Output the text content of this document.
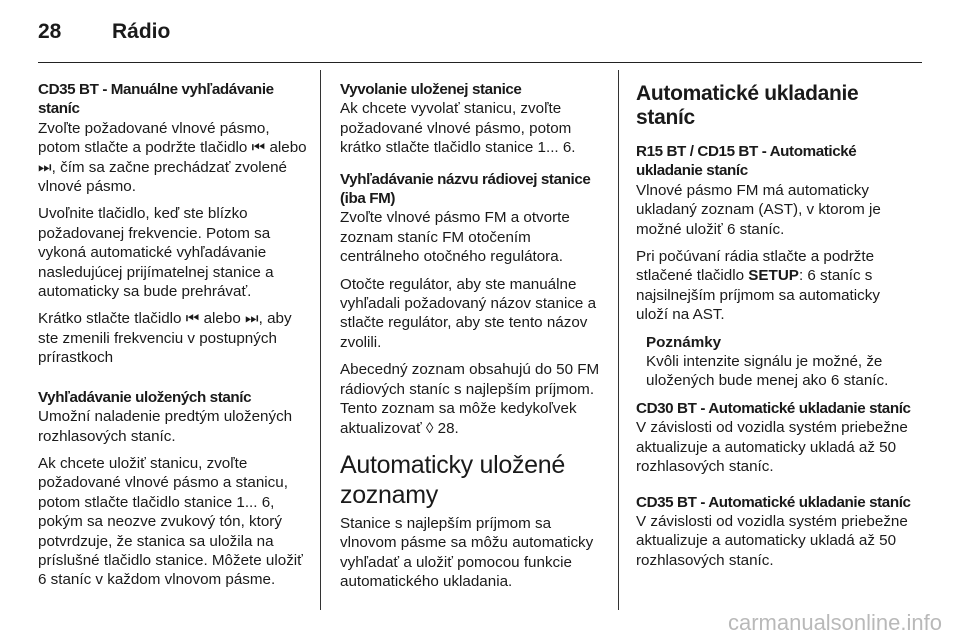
28	Rádio
CD35 BT - Manuálne vyhľadávanie staníc
Zvoľte požadované vlnové pásmo, potom stlačte a podržte tlačidlo ⏮ alebo ⏭, čím sa začne prechádzať zvolené vlnové pásmo.
Uvoľnite tlačidlo, keď ste blízko požadovanej frekvencie. Potom sa vykoná automatické vyhľadávanie nasledujúcej prijímatelnej stanice a automaticky sa bude prehrávať.
Krátko stlačte tlačidlo ⏮ alebo ⏭, aby ste zmenili frekvenciu v postupných prírastkoch
Vyhľadávanie uložených staníc
Umožní naladenie predtým uložených rozhlasových staníc.
Ak chcete uložiť stanicu, zvoľte požadované vlnové pásmo a stanicu, potom stlačte tlačidlo stanice 1... 6, pokým sa neozve zvukový tón, ktorý potvrdzuje, že stanica sa uložila na príslušné tlačidlo stanice. Môžete uložiť 6 staníc v každom vlnovom pásme.
Vyvolanie uloženej stanice
Ak chcete vyvolať stanicu, zvoľte požadované vlnové pásmo, potom krátko stlačte tlačidlo stanice 1... 6.
Vyhľadávanie názvu rádiovej stanice (iba FM)
Zvoľte vlnové pásmo FM a otvorte zoznam staníc FM otočením centrálneho otočného regulátora.
Otočte regulátor, aby ste manuálne vyhľadali požadovaný názov stanice a stlačte regulátor, aby ste tento názov zvolili.
Abecedný zoznam obsahujú do 50 FM rádiových staníc s najlepším príjmom. Tento zoznam sa môže kedykoľvek aktualizovať ◊ 28.
Automaticky uložené zoznamy
Stanice s najlepším príjmom sa vlnovom pásme sa môžu automaticky vyhľadať a uložiť pomocou funkcie automatického ukladania.
Automatické ukladanie staníc
R15 BT / CD15 BT - Automatické ukladanie staníc
Vlnové pásmo FM má automaticky ukladaný zoznam (AST), v ktorom je možné uložiť 6 staníc.
Pri počúvaní rádia stlačte a podržte stlačené tlačidlo SETUP: 6 staníc s najsilnejším príjmom sa automaticky uloží na AST.
Poznámky
Kvôli intenzite signálu je možné, že uložených bude menej ako 6 staníc.
CD30 BT - Automatické ukladanie staníc
V závislosti od vozidla systém priebežne aktualizuje a automaticky ukladá až 50 rozhlasových staníc.
CD35 BT - Automatické ukladanie staníc
V závislosti od vozidla systém priebežne aktualizuje a automaticky ukladá až 50 rozhlasových staníc.
carmanualsonline.info
